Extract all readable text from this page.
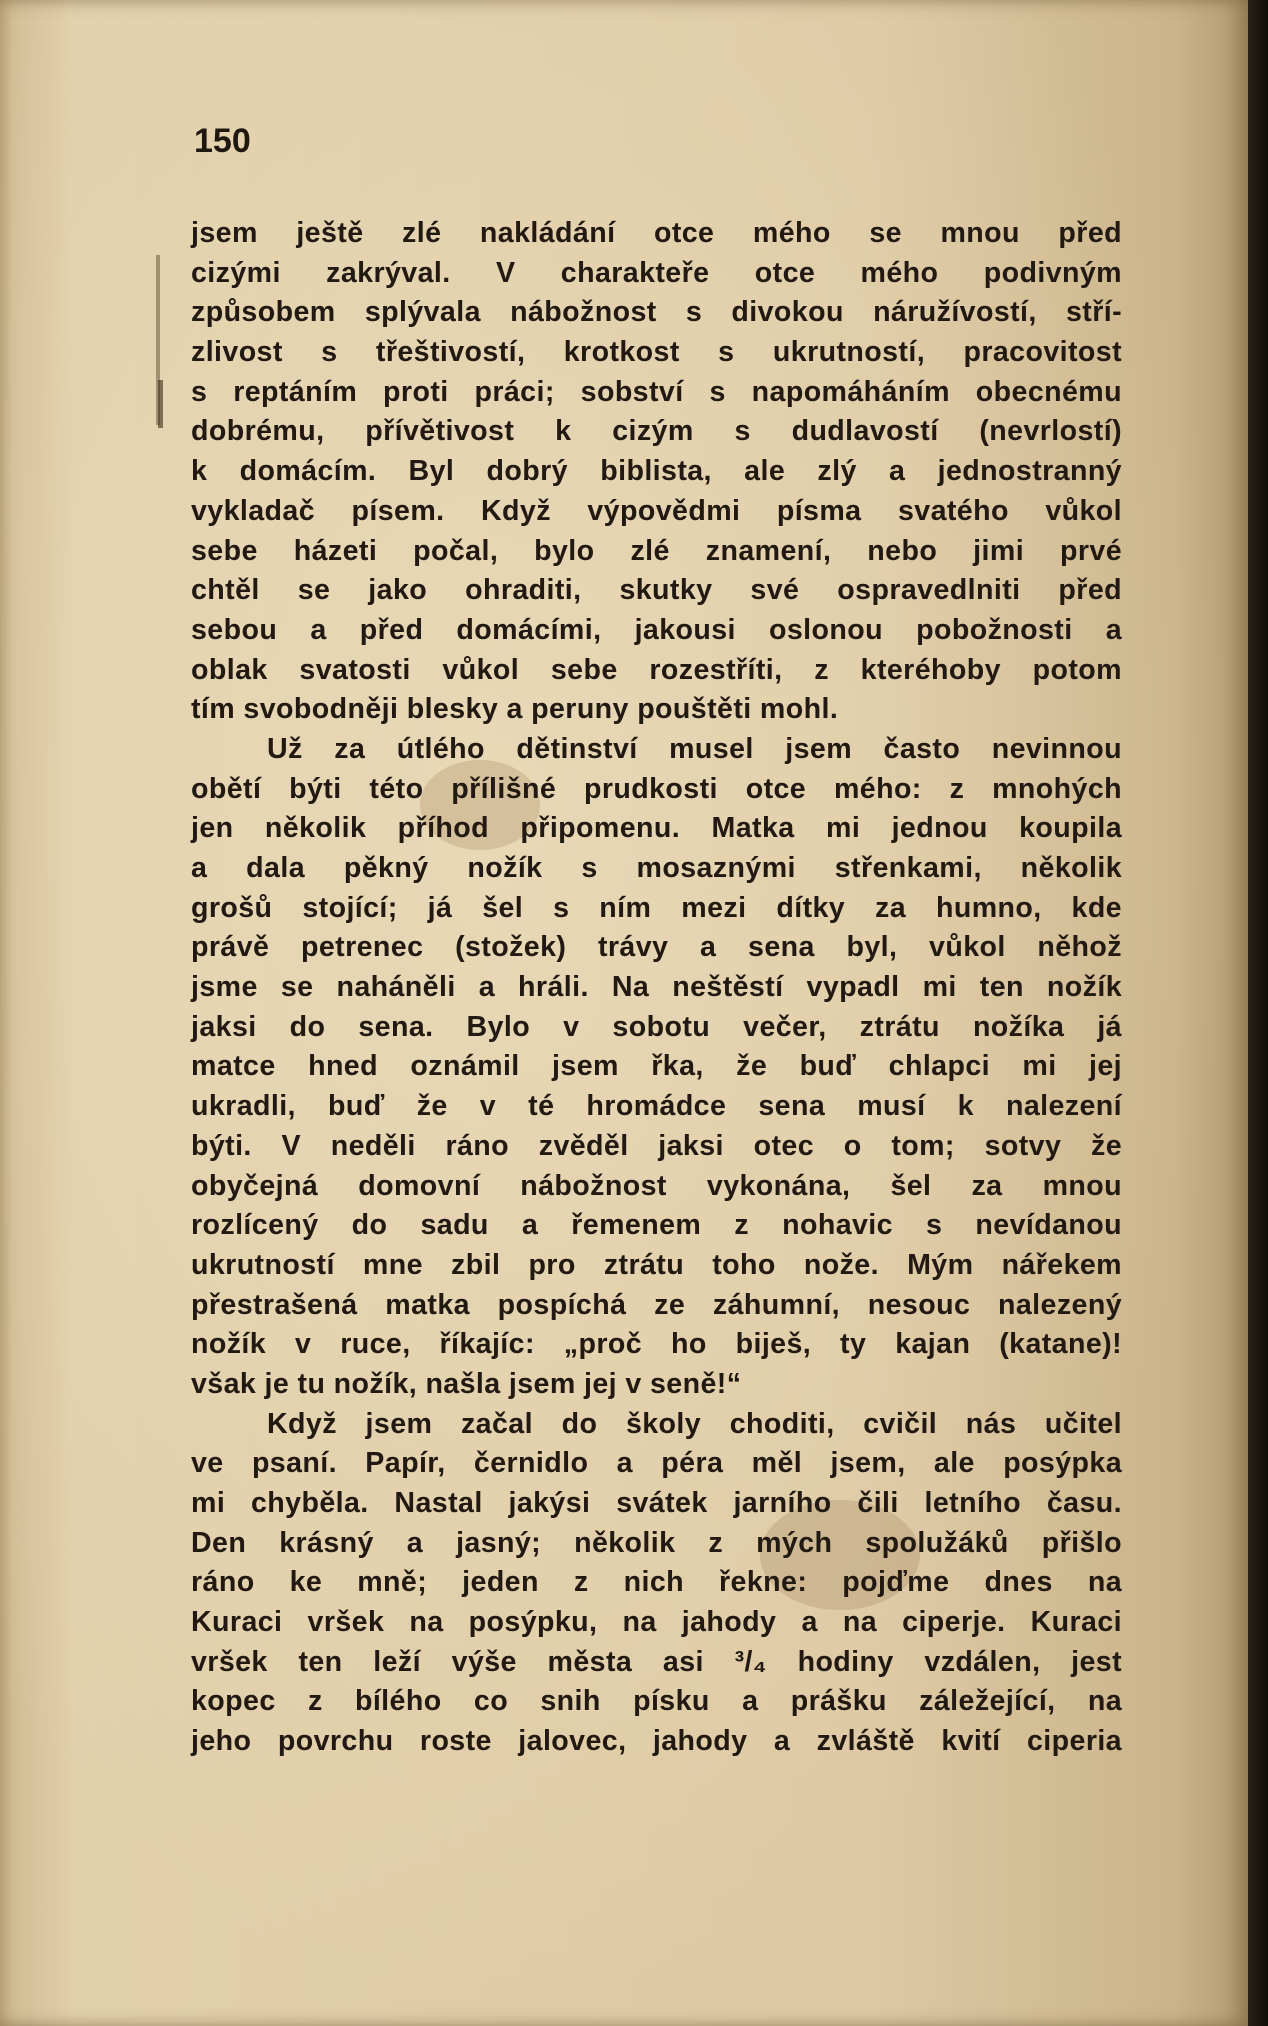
150
jsem ještě zlé nakládání otce mého se mnou před
cizými zakrýval. V charakteře otce mého podivným
způsobem splývala nábožnost s divokou náružívostí, stří-
zlivost s třeštivostí, krotkost s ukrutností, pracovitost
s reptáním proti práci; sobství s napomáháním obecnému
dobrému, přívětivost k cizým s dudlavostí (nevrlostí)
k domácím. Byl dobrý biblista, ale zlý a jednostranný
vykladač písem. Když výpovědmi písma svatého vůkol
sebe házeti počal, bylo zlé znamení, nebo jimi prvé
chtěl se jako ohraditi, skutky své ospravedlniti před
sebou a před domácími, jakousi oslonou pobožnosti a
oblak svatosti vůkol sebe rozestříti, z kteréhoby potom
tím svobodněji blesky a peruny pouštěti mohl.
Už za útlého dětinství musel jsem často nevinnou
obětí býti této přílišné prudkosti otce mého: z mnohých
jen několik příhod připomenu. Matka mi jednou koupila
a dala pěkný nožík s mosaznými střenkami, několik
grošů stojící; já šel s ním mezi dítky za humno, kde
právě petrenec (stožek) trávy a sena byl, vůkol něhož
jsme se naháněli a hráli. Na neštěstí vypadl mi ten nožík
jaksi do sena. Bylo v sobotu večer, ztrátu nožíka já
matce hned oznámil jsem řka, že buď chlapci mi jej
ukradli, buď že v té hromádce sena musí k nalezení
býti. V neděli ráno zvěděl jaksi otec o tom; sotvy že
obyčejná domovní nábožnost vykonána, šel za mnou
rozlícený do sadu a řemenem z nohavic s nevídanou
ukrutností mne zbil pro ztrátu toho nože. Mým nářekem
přestrašená matka pospíchá ze záhumní, nesouc nalezený
nožík v ruce, říkajíc: „proč ho biješ, ty kajan (katane)!
však je tu nožík, našla jsem jej v seně!“
Když jsem začal do školy choditi, cvičil nás učitel
ve psaní. Papír, černidlo a péra měl jsem, ale posýpka
mi chyběla. Nastal jakýsi svátek jarního čili letního času.
Den krásný a jasný; několik z mých spolužáků přišlo
ráno ke mně; jeden z nich řekne: pojďme dnes na
Kuraci vršek na posýpku, na jahody a na ciperje. Kuraci
vršek ten leží výše města asi ³/₄ hodiny vzdálen, jest
kopec z bílého co snih písku a prášku záležející, na
jeho povrchu roste jalovec, jahody a zvláště kvití ciperia
